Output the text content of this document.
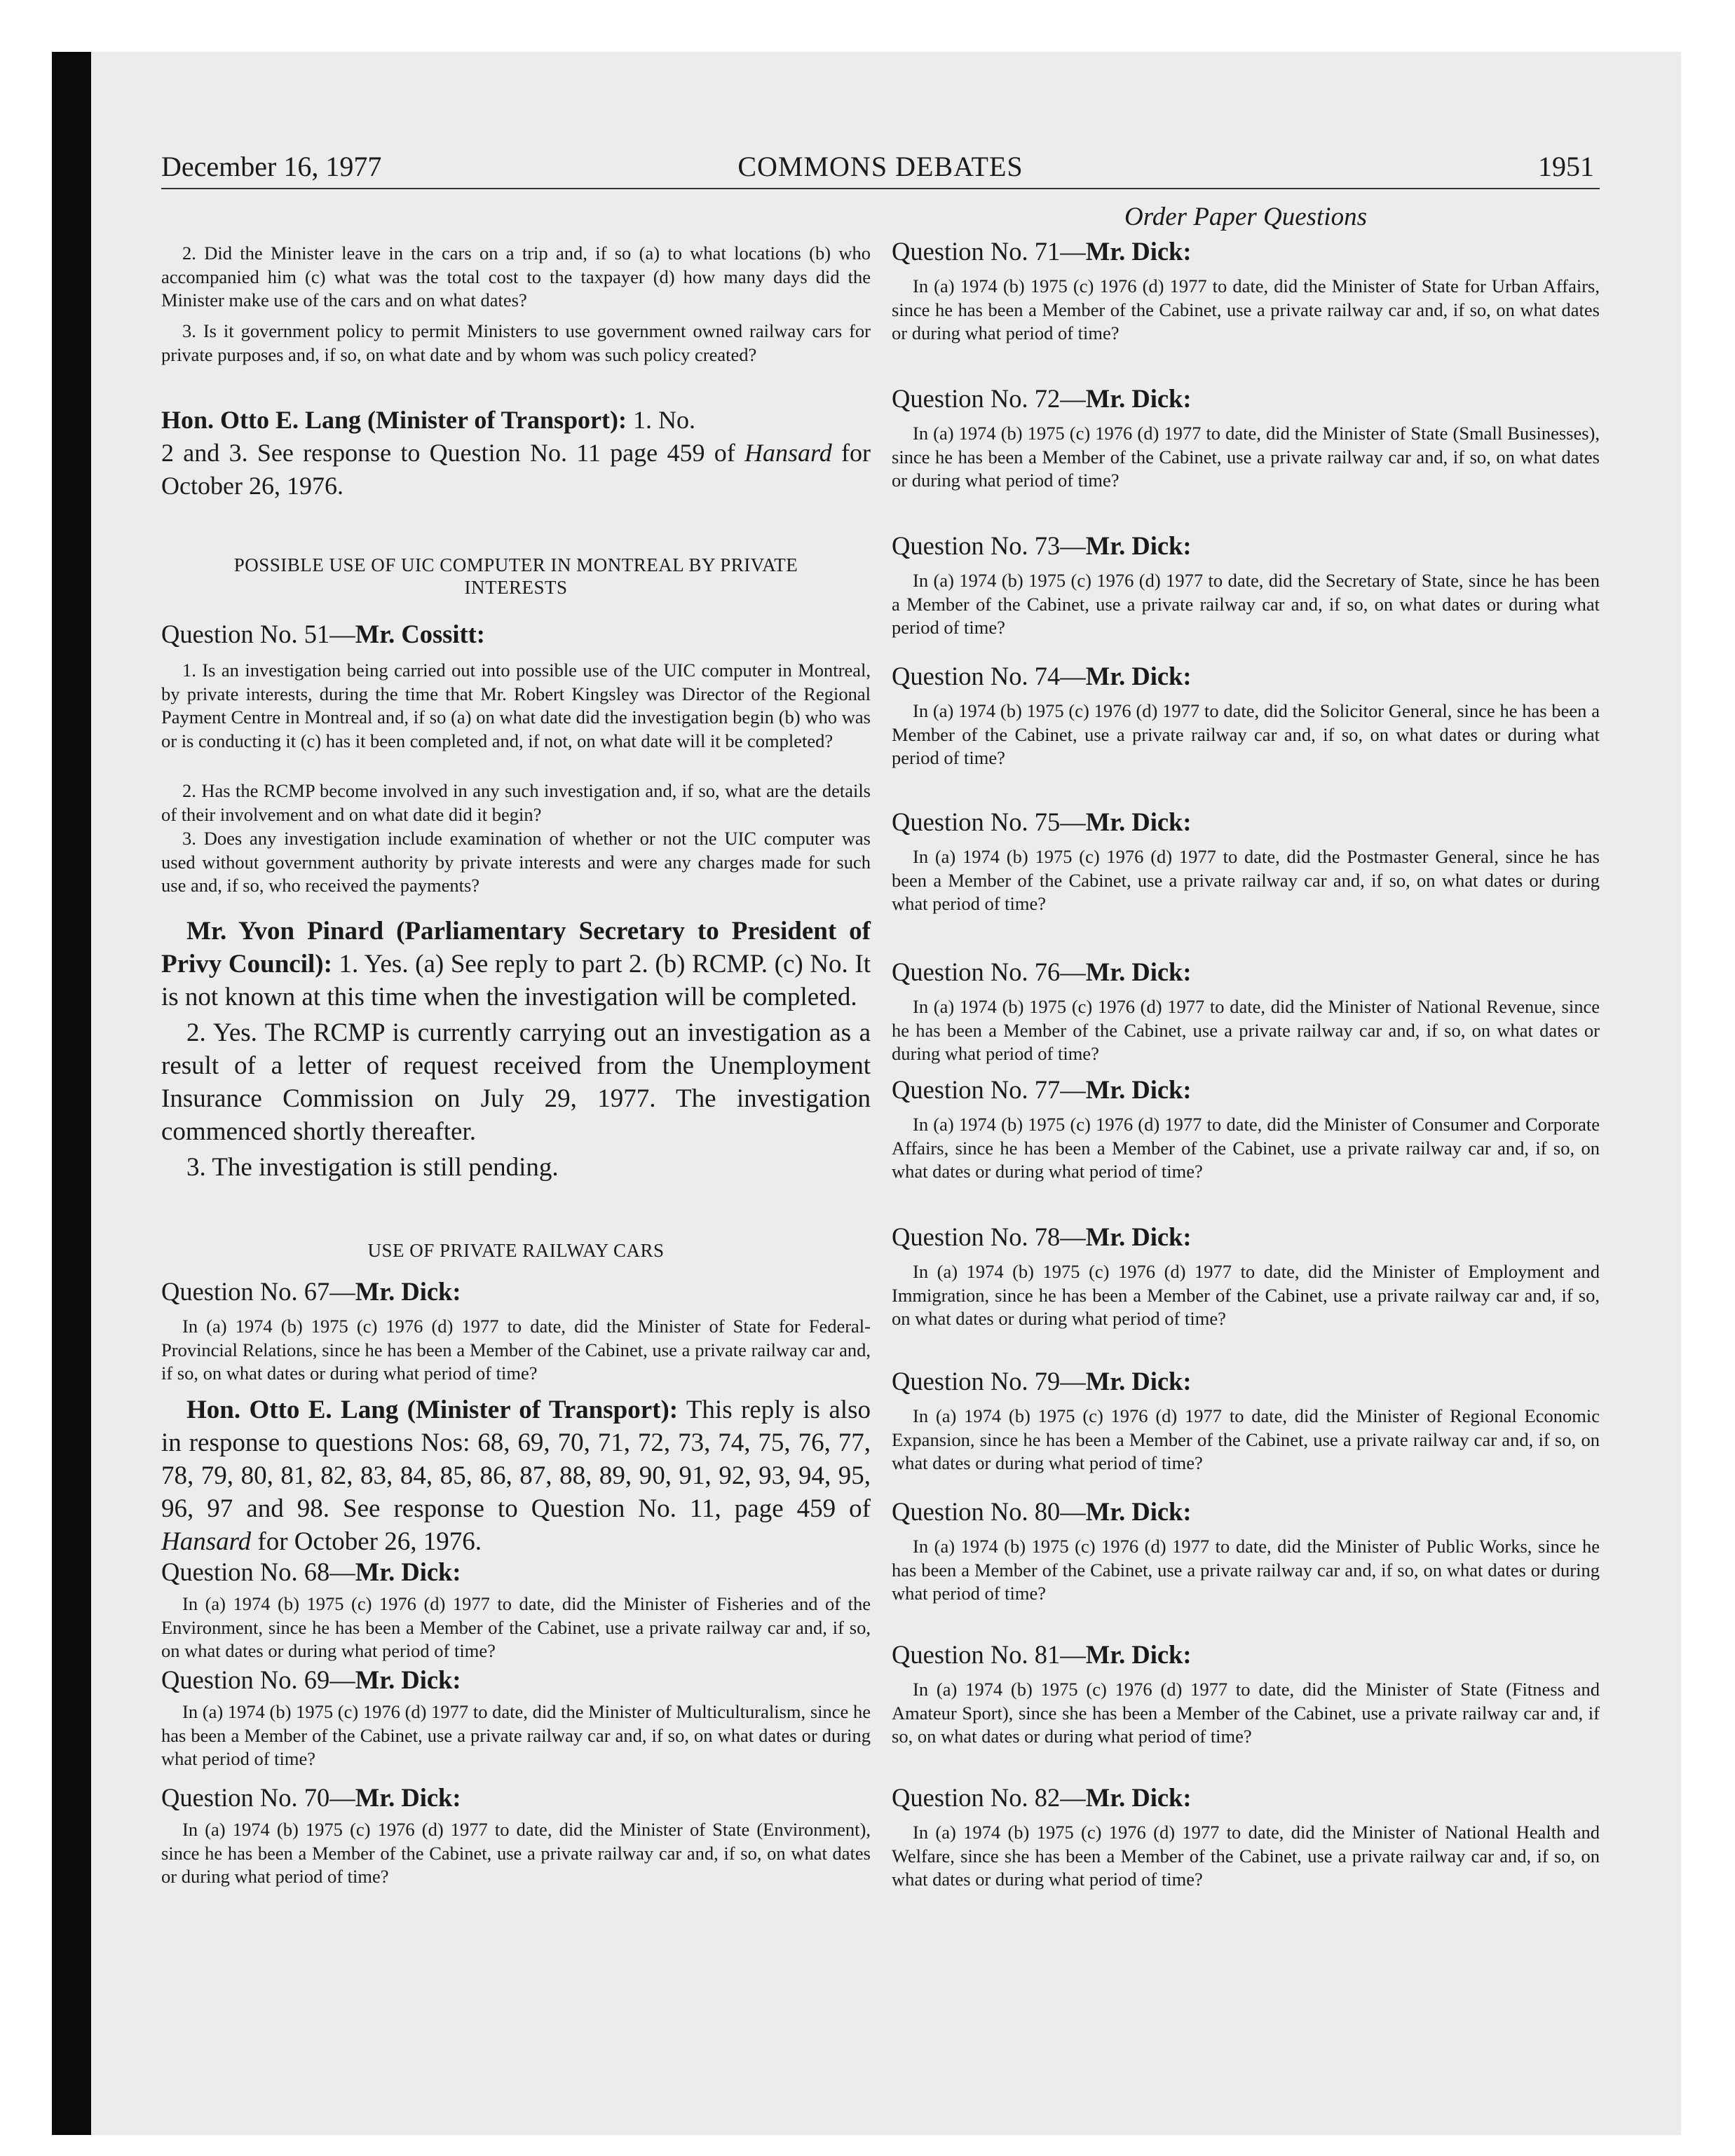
December 16, 1977	COMMONS DEBATES	1951

2. Did the Minister leave in the cars on a trip and, if so (a) to what locations (b) who accompanied him (c) what was the total cost to the taxpayer (d) how many days did the Minister make use of the cars and on what dates?

3. Is it government policy to permit Ministers to use government owned railway cars for private purposes and, if so, on what date and by whom was such policy created?

Hon. Otto E. Lang (Minister of Transport): 1. No.

2 and 3. See response to Question No. 11 page 459 of Hansard for October 26, 1976.

POSSIBLE USE OF UIC COMPUTER IN MONTREAL BY PRIVATE INTERESTS

Question No. 51—Mr. Cossitt:

1. Is an investigation being carried out into possible use of the UIC computer in Montreal, by private interests, during the time that Mr. Robert Kingsley was Director of the Regional Payment Centre in Montreal and, if so (a) on what date did the investigation begin (b) who was or is conducting it (c) has it been completed and, if not, on what date will it be completed?

2. Has the RCMP become involved in any such investigation and, if so, what are the details of their involvement and on what date did it begin?

3. Does any investigation include examination of whether or not the UIC computer was used without government authority by private interests and were any charges made for such use and, if so, who received the payments?

Mr. Yvon Pinard (Parliamentary Secretary to President of Privy Council): 1. Yes. (a) See reply to part 2. (b) RCMP. (c) No. It is not known at this time when the investigation will be completed.

2. Yes. The RCMP is currently carrying out an investigation as a result of a letter of request received from the Unemployment Insurance Commission on July 29, 1977. The investigation commenced shortly thereafter.

3. The investigation is still pending.

USE OF PRIVATE RAILWAY CARS

Question No. 67—Mr. Dick:

In (a) 1974 (b) 1975 (c) 1976 (d) 1977 to date, did the Minister of State for Federal-Provincial Relations, since he has been a Member of the Cabinet, use a private railway car and, if so, on what dates or during what period of time?

Hon. Otto E. Lang (Minister of Transport): This reply is also in response to questions Nos: 68, 69, 70, 71, 72, 73, 74, 75, 76, 77, 78, 79, 80, 81, 82, 83, 84, 85, 86, 87, 88, 89, 90, 91, 92, 93, 94, 95, 96, 97 and 98. See response to Question No. 11, page 459 of Hansard for October 26, 1976.

Question No. 68—Mr. Dick:

In (a) 1974 (b) 1975 (c) 1976 (d) 1977 to date, did the Minister of Fisheries and of the Environment, since he has been a Member of the Cabinet, use a private railway car and, if so, on what dates or during what period of time?

Question No. 69—Mr. Dick:

In (a) 1974 (b) 1975 (c) 1976 (d) 1977 to date, did the Minister of Multiculturalism, since he has been a Member of the Cabinet, use a private railway car and, if so, on what dates or during what period of time?

Question No. 70—Mr. Dick:

In (a) 1974 (b) 1975 (c) 1976 (d) 1977 to date, did the Minister of State (Environment), since he has been a Member of the Cabinet, use a private railway car and, if so, on what dates or during what period of time?

Order Paper Questions

Question No. 71—Mr. Dick:

In (a) 1974 (b) 1975 (c) 1976 (d) 1977 to date, did the Minister of State for Urban Affairs, since he has been a Member of the Cabinet, use a private railway car and, if so, on what dates or during what period of time?

Question No. 72—Mr. Dick:

In (a) 1974 (b) 1975 (c) 1976 (d) 1977 to date, did the Minister of State (Small Businesses), since he has been a Member of the Cabinet, use a private railway car and, if so, on what dates or during what period of time?

Question No. 73—Mr. Dick:

In (a) 1974 (b) 1975 (c) 1976 (d) 1977 to date, did the Secretary of State, since he has been a Member of the Cabinet, use a private railway car and, if so, on what dates or during what period of time?

Question No. 74—Mr. Dick:

In (a) 1974 (b) 1975 (c) 1976 (d) 1977 to date, did the Solicitor General, since he has been a Member of the Cabinet, use a private railway car and, if so, on what dates or during what period of time?

Question No. 75—Mr. Dick:

In (a) 1974 (b) 1975 (c) 1976 (d) 1977 to date, did the Postmaster General, since he has been a Member of the Cabinet, use a private railway car and, if so, on what dates or during what period of time?

Question No. 76—Mr. Dick:

In (a) 1974 (b) 1975 (c) 1976 (d) 1977 to date, did the Minister of National Revenue, since he has been a Member of the Cabinet, use a private railway car and, if so, on what dates or during what period of time?

Question No. 77—Mr. Dick:

In (a) 1974 (b) 1975 (c) 1976 (d) 1977 to date, did the Minister of Consumer and Corporate Affairs, since he has been a Member of the Cabinet, use a private railway car and, if so, on what dates or during what period of time?

Question No. 78—Mr. Dick:

In (a) 1974 (b) 1975 (c) 1976 (d) 1977 to date, did the Minister of Employment and Immigration, since he has been a Member of the Cabinet, use a private railway car and, if so, on what dates or during what period of time?

Question No. 79—Mr. Dick:

In (a) 1974 (b) 1975 (c) 1976 (d) 1977 to date, did the Minister of Regional Economic Expansion, since he has been a Member of the Cabinet, use a private railway car and, if so, on what dates or during what period of time?

Question No. 80—Mr. Dick:

In (a) 1974 (b) 1975 (c) 1976 (d) 1977 to date, did the Minister of Public Works, since he has been a Member of the Cabinet, use a private railway car and, if so, on what dates or during what period of time?

Question No. 81—Mr. Dick:

In (a) 1974 (b) 1975 (c) 1976 (d) 1977 to date, did the Minister of State (Fitness and Amateur Sport), since she has been a Member of the Cabinet, use a private railway car and, if so, on what dates or during what period of time?

Question No. 82—Mr. Dick:

In (a) 1974 (b) 1975 (c) 1976 (d) 1977 to date, did the Minister of National Health and Welfare, since she has been a Member of the Cabinet, use a private railway car and, if so, on what dates or during what period of time?
